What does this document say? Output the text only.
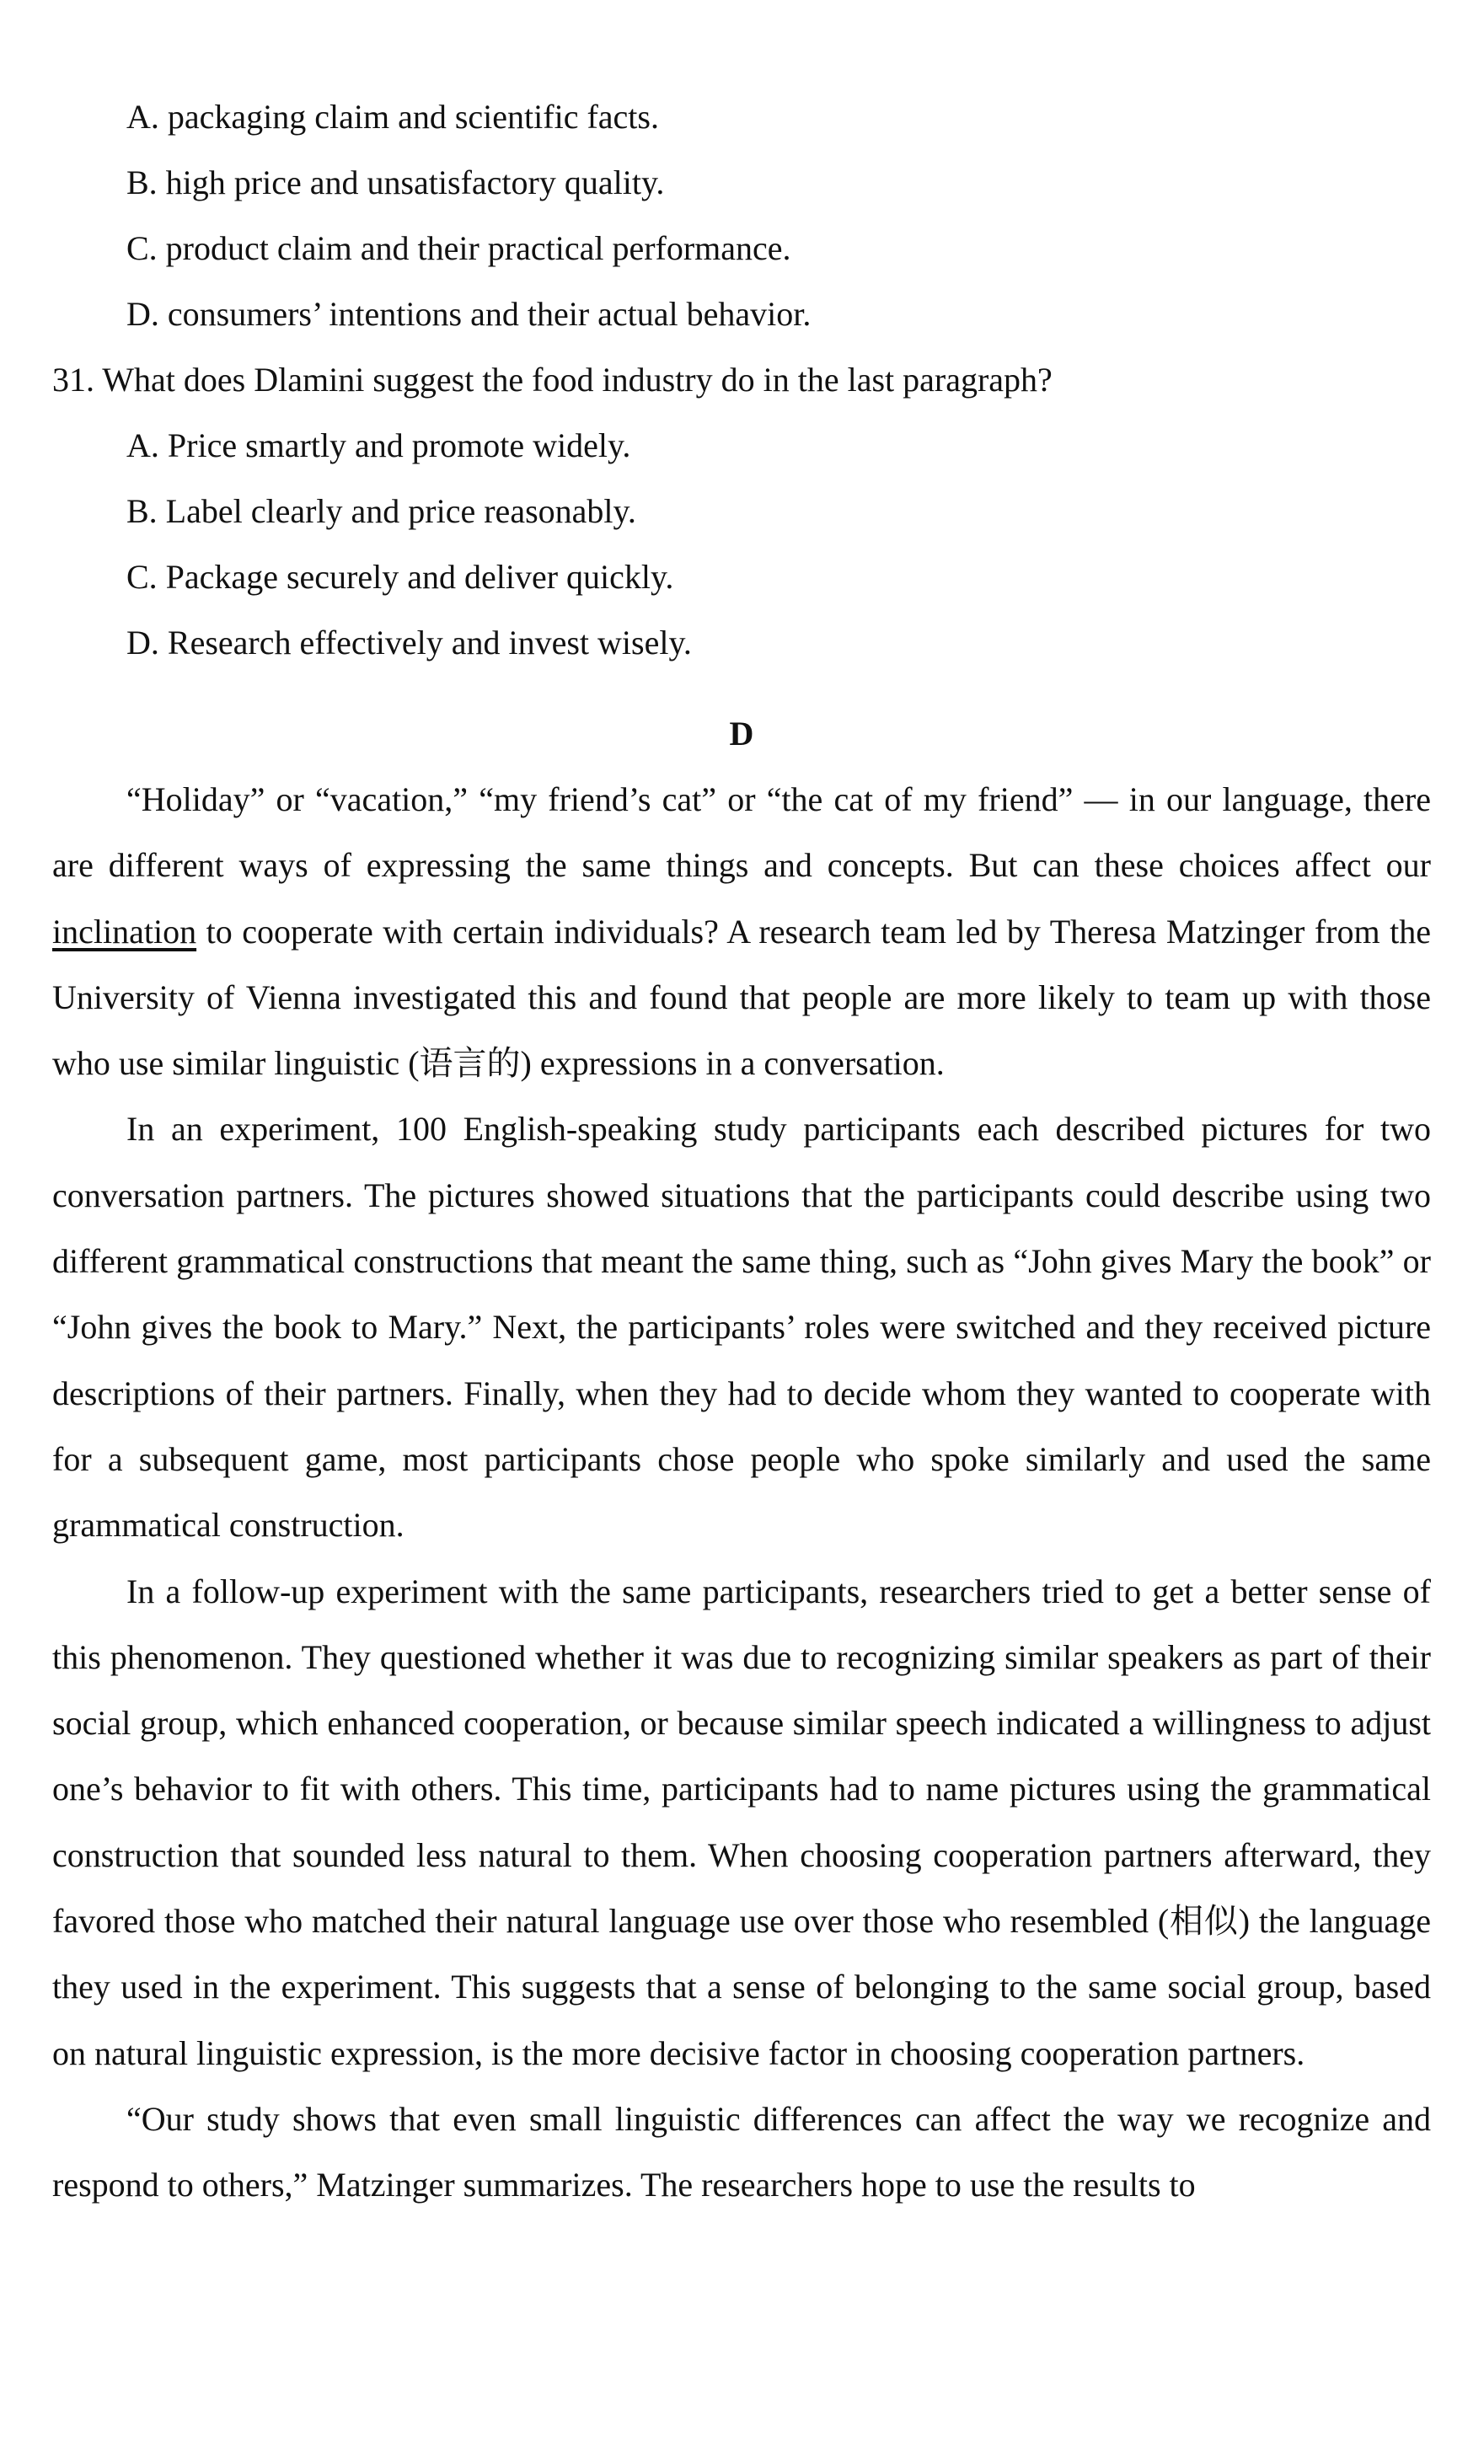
A. packaging claim and scientific facts.

B. high price and unsatisfactory quality.

C. product claim and their practical performance.

D. consumers’ intentions and their actual behavior.

31. What does Dlamini suggest the food industry do in the last paragraph?

A. Price smartly and promote widely.

B. Label clearly and price reasonably.

C. Package securely and deliver quickly.

D. Research effectively and invest wisely.

D

“Holiday” or “vacation,” “my friend’s cat” or “the cat of my friend” — in our language, there are different ways of expressing the same things and concepts. But can these choices affect our inclination to cooperate with certain individuals? A research team led by Theresa Matzinger from the University of Vienna investigated this and found that people are more likely to team up with those who use similar linguistic (语言的) expressions in a conversation.

In an experiment, 100 English-speaking study participants each described pictures for two conversation partners. The pictures showed situations that the participants could describe using two different grammatical constructions that meant the same thing, such as “John gives Mary the book” or “John gives the book to Mary.” Next, the participants’ roles were switched and they received picture descriptions of their partners. Finally, when they had to decide whom they wanted to cooperate with for a subsequent game, most participants chose people who spoke similarly and used the same grammatical construction.

In a follow-up experiment with the same participants, researchers tried to get a better sense of this phenomenon. They questioned whether it was due to recognizing similar speakers as part of their social group, which enhanced cooperation, or because similar speech indicated a willingness to adjust one’s behavior to fit with others. This time, participants had to name pictures using the grammatical construction that sounded less natural to them. When choosing cooperation partners afterward, they favored those who matched their natural language use over those who resembled (相似) the language they used in the experiment. This suggests that a sense of belonging to the same social group, based on natural linguistic expression, is the more decisive factor in choosing cooperation partners.

“Our study shows that even small linguistic differences can affect the way we recognize and respond to others,” Matzinger summarizes. The researchers hope to use the results to
